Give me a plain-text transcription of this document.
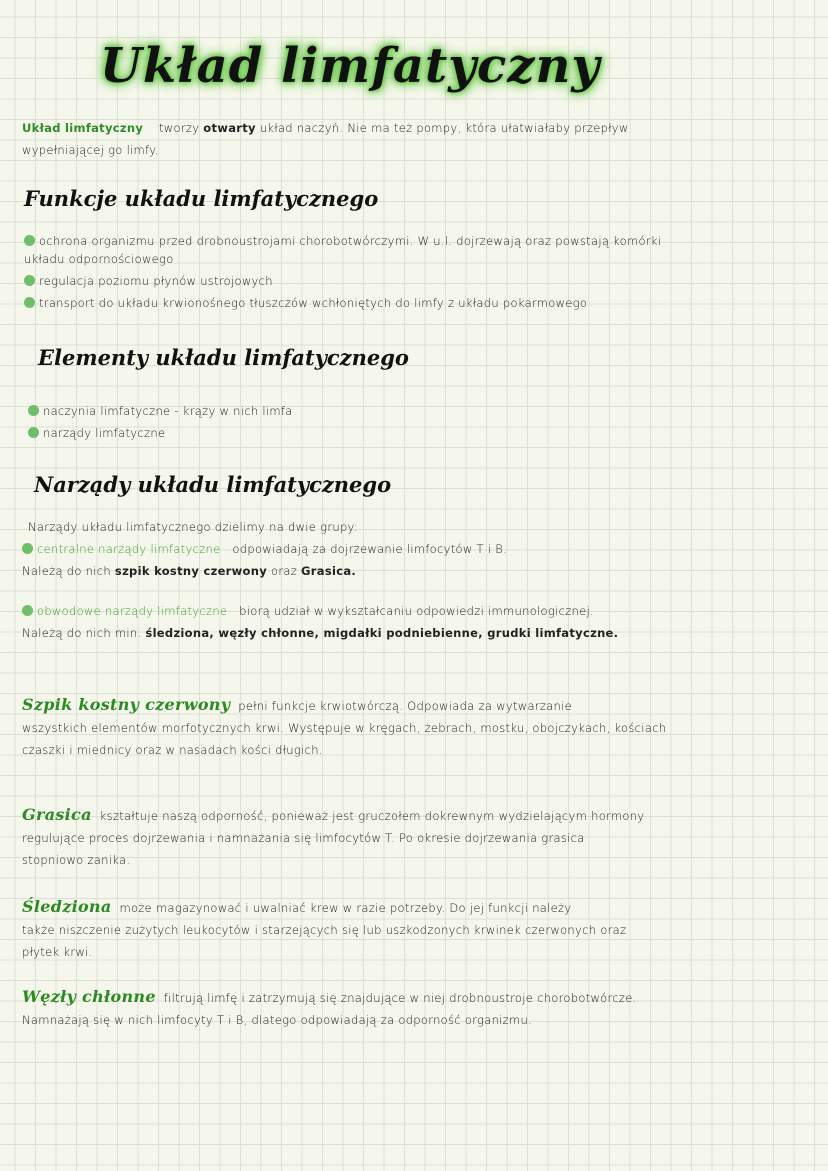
Układ limfatyczny
Układ limfatyczny tworzy otwarty układ naczyń. Nie ma też pompy, która ułatwiałaby przepływ
wypełniającej go limfy.
Funkcje układu limfatycznego
ochrona organizmu przed drobnoustrojami chorobotwórczymi. W u.l. dojrzewają oraz powstają komórki
układu odpornościowego
regulacja poziomu płynów ustrojowych
transport do układu krwionośnego tłuszczów wchłoniętych do limfy z układu pokarmowego
Elementy układu limfatycznego
naczynia limfatyczne - krąży w nich limfa
narządy limfatyczne
Narządy układu limfatycznego
Narządy układu limfatycznego dzielimy na dwie grupy:
centralne narządy limfatyczne odpowiadają za dojrzewanie limfocytów T i B.
Należą do nich szpik kostny czerwony oraz Grasica.
obwodowe narządy limfatyczne biorą udział w wykształcaniu odpowiedzi immunologicznej.
Należą do nich min. śledziona, węzły chłonne, migdałki podniebienne, grudki limfatyczne.
Szpik kostny czerwony pełni funkcje krwiotwórczą. Odpowiada za wytwarzanie
wszystkich elementów morfotycznych krwi. Występuje w kręgach, żebrach, mostku, obojczykach, kościach
czaszki i miednicy oraz w nasadach kości długich.
Grasica kształtuje naszą odporność, ponieważ jest gruczołem dokrewnym wydzielającym hormony
regulujące proces dojrzewania i namnażania się limfocytów T. Po okresie dojrzewania grasica
stopniowo zanika.
Śledziona może magazynować i uwalniać krew w razie potrzeby. Do jej funkcji należy
także niszczenie zużytych leukocytów i starzejących się lub uszkodzonych krwinek czerwonych oraz
płytek krwi.
Węzły chłonne filtrują limfę i zatrzymują się znajdujące w niej drobnoustroje chorobotwórcze.
Namnażają się w nich limfocyty T i B, dlatego odpowiadają za odporność organizmu.
